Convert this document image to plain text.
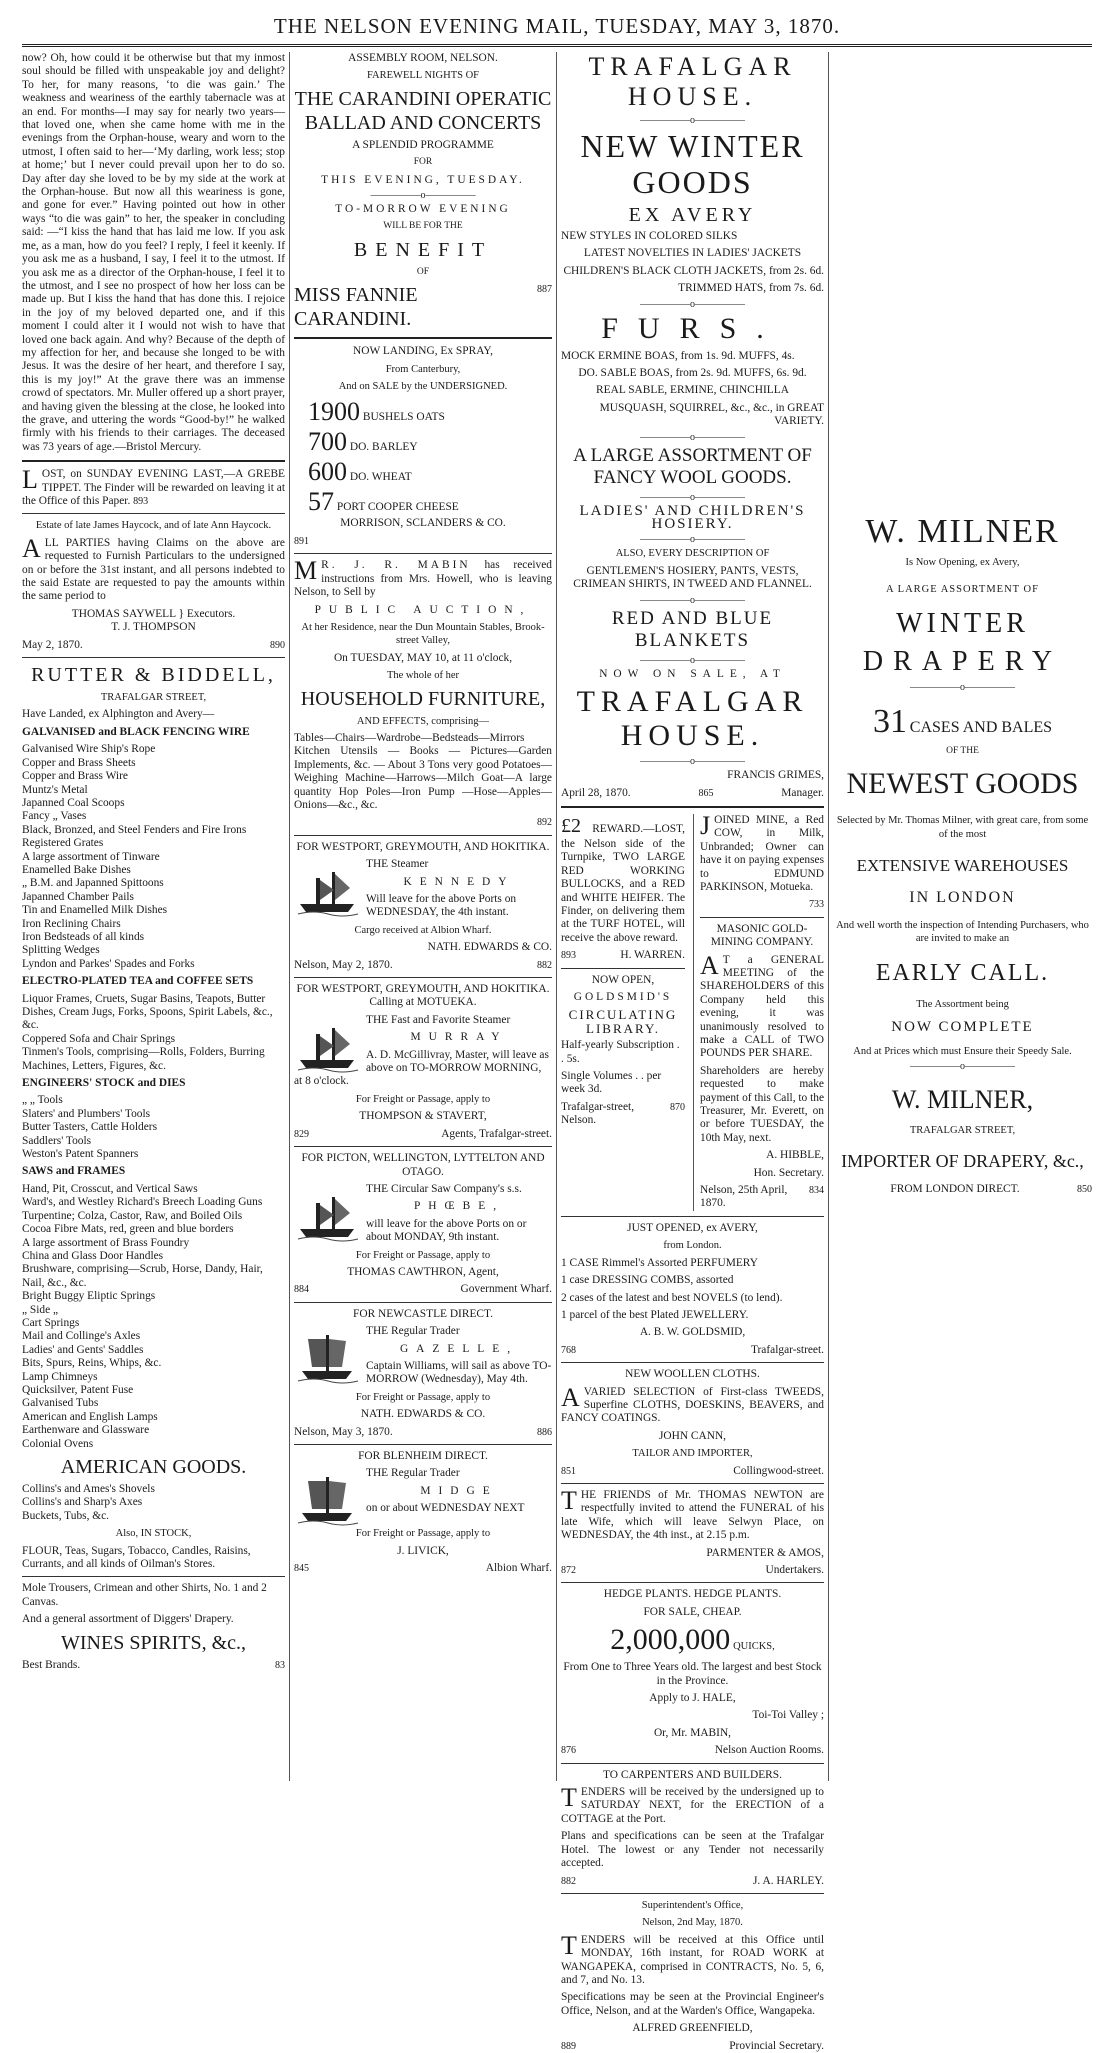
THE NELSON EVENING MAIL, TUESDAY, MAY 3, 1870.

now? Oh, how could it be otherwise but that my inmost soul should be filled with unspeakable joy and delight? To her, for many reasons, ‘to die was gain.’ The weakness and weariness of the earthly tabernacle was at an end. For months—I may say for nearly two years—that loved one, when she came home with me in the evenings from the Orphan-house, weary and worn to the utmost, I often said to her—‘My darling, work less; stop at home;’ but I never could prevail upon her to do so. Day after day she loved to be by my side at the work at the Orphan-house. But now all this weariness is gone, and gone for ever.” Having pointed out how in other ways “to die was gain” to her, the speaker in concluding said: —“I kiss the hand that has laid me low. If you ask me, as a man, how do you feel? I reply, I feel it keenly. If you ask me as a husband, I say, I feel it to the utmost. If you ask me as a director of the Orphan-house, I feel it to the utmost, and I see no prospect of how her loss can be made up. But I kiss the hand that has done this. I rejoice in the joy of my beloved departed one, and if this moment I could alter it I would not wish to have that loved one back again. And why? Because of the depth of my affection for her, and because she longed to be with Jesus. It was the desire of her heart, and therefore I say, this is my joy!” At the grave there was an immense crowd of spectators. Mr. Muller offered up a short prayer, and having given the blessing at the close, he looked into the grave, and uttering the words “Good-by!” he walked firmly with his friends to their carriages. The deceased was 73 years of age.—Bristol Mercury.

LOST, on SUNDAY EVENING LAST,—A GREBE TIPPET. The Finder will be rewarded on leaving it at the Office of this Paper. 893

Estate of late James Haycock, and of late Ann Haycock.

ALL PARTIES having Claims on the above are requested to Furnish Particulars to the undersigned on or before the 31st instant, and all persons indebted to the said Estate are requested to pay the amounts within the same period to

THOMAS SAYWELL } Executors.
T. J. THOMPSON

May 2, 1870.	890

RUTTER & BIDDELL,

TRAFALGAR STREET,

Have Landed, ex Alphington and Avery—

GALVANISED and BLACK FENCING WIRE

Galvanised Wire Ship's Rope
Copper and Brass Sheets
Copper and Brass Wire
Muntz's Metal
Japanned Coal Scoops
Fancy „ Vases
Black, Bronzed, and Steel Fenders and Fire Irons
Registered Grates
A large assortment of Tinware
Enamelled Bake Dishes
„ B.M. and Japanned Spittoons
Japanned Chamber Pails
Tin and Enamelled Milk Dishes
Iron Reclining Chairs
Iron Bedsteads of all kinds
Splitting Wedges
Lyndon and Parkes' Spades and Forks

ELECTRO-PLATED TEA and COFFEE SETS

Liquor Frames, Cruets, Sugar Basins, Teapots, Butter Dishes, Cream Jugs, Forks, Spoons, Spirit Labels, &c., &c.
Coppered Sofa and Chair Springs
Tinmen's Tools, comprising—Rolls, Folders, Burring Machines, Letters, Figures, &c.

ENGINEERS' STOCK and DIES

„ „ Tools
Slaters' and Plumbers' Tools
Butter Tasters, Cattle Holders
Saddlers' Tools
Weston's Patent Spanners

SAWS and FRAMES

Hand, Pit, Crosscut, and Vertical Saws
Ward's, and Westley Richard's Breech Loading Guns
Turpentine; Colza, Castor, Raw, and Boiled Oils
Cocoa Fibre Mats, red, green and blue borders
A large assortment of Brass Foundry
China and Glass Door Handles
Brushware, comprising—Scrub, Horse, Dandy, Hair, Nail, &c., &c.
Bright Buggy Eliptic Springs
„ Side „
Cart Springs
Mail and Collinge's Axles
Ladies' and Gents' Saddles
Bits, Spurs, Reins, Whips, &c.
Lamp Chimneys
Quicksilver, Patent Fuse
Galvanised Tubs
American and English Lamps
Earthenware and Glassware
Colonial Ovens

AMERICAN GOODS.

Collins's and Ames's Shovels
Collins's and Sharp's Axes
Buckets, Tubs, &c.

Also, IN STOCK,

FLOUR, Teas, Sugars, Tobacco, Candles, Raisins, Currants, and all kinds of Oilman's Stores.

Mole Trousers, Crimean and other Shirts, No. 1 and 2 Canvas.

And a general assortment of Diggers' Drapery.

WINES SPIRITS, &c.,

Best Brands.	83

ASSEMBLY ROOM, NELSON.

FAREWELL NIGHTS OF

THE CARANDINI OPERATIC BALLAD AND CONCERTS

A SPLENDID PROGRAMME

FOR

THIS EVENING, TUESDAY.

—————o—————

TO-MORROW EVENING

WILL BE FOR THE

BENEFIT

OF

MISS FANNIE CARANDINI.
887

NOW LANDING, Ex SPRAY,

From Canterbury,

And on SALE by the UNDERSIGNED.

1900 BUSHELS OATS
700 DO. BARLEY
600 DO. WHEAT
57 PORT COOPER CHEESE

MORRISON, SCLANDERS & CO.

891

M R. J. R. MABIN has received instructions from Mrs. Howell, who is leaving Nelson, to Sell by

PUBLIC AUCTION,

At her Residence, near the Dun Mountain Stables, Brook-street Valley,

On TUESDAY, MAY 10, at 11 o'clock,

The whole of her

HOUSEHOLD FURNITURE,

AND EFFECTS, comprising—

Tables—Chairs—Wardrobe—Bedsteads—Mirrors Kitchen Utensils — Books — Pictures—Garden Implements, &c. — About 3 Tons very good Potatoes—Weighing Machine—Harrows—Milch Goat—A large quantity Hop Poles—Iron Pump —Hose—Apples—Onions—&c., &c.

892

FOR WESTPORT, GREYMOUTH, AND HOKITIKA.

THE Steamer

KENNEDY

Will leave for the above Ports on WEDNESDAY, the 4th instant.

Cargo received at Albion Wharf.

NATH. EDWARDS & CO.

Nelson, May 2, 1870.	882

FOR WESTPORT, GREYMOUTH, AND HOKITIKA. Calling at MOTUEKA.

THE Fast and Favorite Steamer

MURRAY

A. D. McGillivray, Master, will leave as above on TO-MORROW MORNING, at 8 o'clock.

For Freight or Passage, apply to

THOMPSON & STAVERT,

829	Agents, Trafalgar-street.

FOR PICTON, WELLINGTON, LYTTELTON AND OTAGO.

THE Circular Saw Company's s.s.

PHŒBE,

will leave for the above Ports on or about MONDAY, 9th instant.

For Freight or Passage, apply to

THOMAS CAWTHRON, Agent,

884	Government Wharf.

FOR NEWCASTLE DIRECT.

THE Regular Trader

GAZELLE,

Captain Williams, will sail as above TO-MORROW (Wednesday), May 4th.

For Freight or Passage, apply to

NATH. EDWARDS & CO.

Nelson, May 3, 1870.	886

FOR BLENHEIM DIRECT.

THE Regular Trader

MIDGE

on or about WEDNESDAY NEXT

For Freight or Passage, apply to

J. LIVICK,

845	Albion Wharf.

TRAFALGAR HOUSE.

—————o—————

NEW WINTER GOODS

EX AVERY

NEW STYLES IN COLORED SILKS

LATEST NOVELTIES IN LADIES' JACKETS

CHILDREN'S BLACK CLOTH JACKETS, from 2s. 6d.

TRIMMED HATS, from 7s. 6d.

—————o—————

FURS.

MOCK ERMINE BOAS, from 1s. 9d. MUFFS, 4s.

DO. SABLE BOAS, from 2s. 9d. MUFFS, 6s. 9d.

REAL SABLE, ERMINE, CHINCHILLA

MUSQUASH, SQUIRREL, &c., &c., in GREAT VARIETY.

—————o—————

A LARGE ASSORTMENT OF FANCY WOOL GOODS.

—————o—————

LADIES' AND CHILDREN'S HOSIERY.

—————o—————

ALSO, EVERY DESCRIPTION OF

GENTLEMEN'S HOSIERY, PANTS, VESTS, CRIMEAN SHIRTS, IN TWEED AND FLANNEL.

—————o—————

RED AND BLUE BLANKETS

—————o—————

NOW ON SALE, AT

TRAFALGAR HOUSE.

—————o—————

FRANCIS GRIMES,

April 28, 1870.	865	Manager.

£2 REWARD.—LOST, the Nelson side of the Turnpike, TWO LARGE RED WORKING BULLOCKS, and a RED and WHITE HEIFER. The Finder, on delivering them at the TURF HOTEL, will receive the above reward.

893	H. WARREN.

NOW OPEN,

GOLDSMID'S

CIRCULATING LIBRARY.

Half-yearly Subscription . . 5s.

Single Volumes . . per week 3d.

Trafalgar-street, Nelson.
870

JOINED MINE, a Red COW, in Milk, Unbranded; Owner can have it on paying expenses to EDMUND PARKINSON, Motueka.

733

MASONIC GOLD-MINING COMPANY.

A T a GENERAL MEETING of the SHAREHOLDERS of this Company held this evening, it was unanimously resolved to make a CALL of TWO POUNDS PER SHARE.

Shareholders are hereby requested to make payment of this Call, to the Treasurer, Mr. Everett, on or before TUESDAY, the 10th May, next.

A. HIBBLE,

Hon. Secretary.

Nelson, 25th April, 1870.
834

JUST OPENED, ex AVERY,

from London.

1 CASE Rimmel's Assorted PERFUMERY

1 case DRESSING COMBS, assorted

2 cases of the latest and best NOVELS (to lend).

1 parcel of the best Plated JEWELLERY.

A. B. W. GOLDSMID,

768	Trafalgar-street.

NEW WOOLLEN CLOTHS.

AVARIED SELECTION of First-class TWEEDS, Superfine CLOTHS, DOESKINS, BEAVERS, and FANCY COATINGS.

JOHN CANN,

TAILOR AND IMPORTER,

851	Collingwood-street.

THE FRIENDS of Mr. THOMAS NEWTON are respectfully invited to attend the FUNERAL of his late Wife, which will leave Selwyn Place, on WEDNESDAY, the 4th inst., at 2.15 p.m.

PARMENTER & AMOS,

872	Undertakers.

HEDGE PLANTS. HEDGE PLANTS.

FOR SALE, CHEAP.

2,000,000 QUICKS,

From One to Three Years old. The largest and best Stock in the Province.

Apply to J. HALE,

Toi-Toi Valley ;

Or, Mr. MABIN,

876	Nelson Auction Rooms.

TO CARPENTERS AND BUILDERS.

TENDERS will be received by the undersigned up to SATURDAY NEXT, for the ERECTION of a COTTAGE at the Port.

Plans and specifications can be seen at the Trafalgar Hotel. The lowest or any Tender not necessarily accepted.

882	J. A. HARLEY.

Superintendent's Office,

Nelson, 2nd May, 1870.

TENDERS will be received at this Office until MONDAY, 16th instant, for ROAD WORK at WANGAPEKA, comprised in CONTRACTS, No. 5, 6, and 7, and No. 13.

Specifications may be seen at the Provincial Engineer's Office, Nelson, and at the Warden's Office, Wangapeka.

ALFRED GREENFIELD,

889	Provincial Secretary.

W. MILNER

Is Now Opening, ex Avery,

A LARGE ASSORTMENT OF

WINTER

DRAPERY

—————o—————

31 CASES AND BALES

OF THE

NEWEST GOODS

Selected by Mr. Thomas Milner, with great care, from some of the most

EXTENSIVE WAREHOUSES

IN LONDON

And well worth the inspection of Intending Purchasers, who are invited to make an

EARLY CALL.

The Assortment being

NOW COMPLETE

And at Prices which must Ensure their Speedy Sale.

—————o—————

W. MILNER,

TRAFALGAR STREET,

IMPORTER OF DRAPERY, &c.,

FROM LONDON DIRECT.	850
